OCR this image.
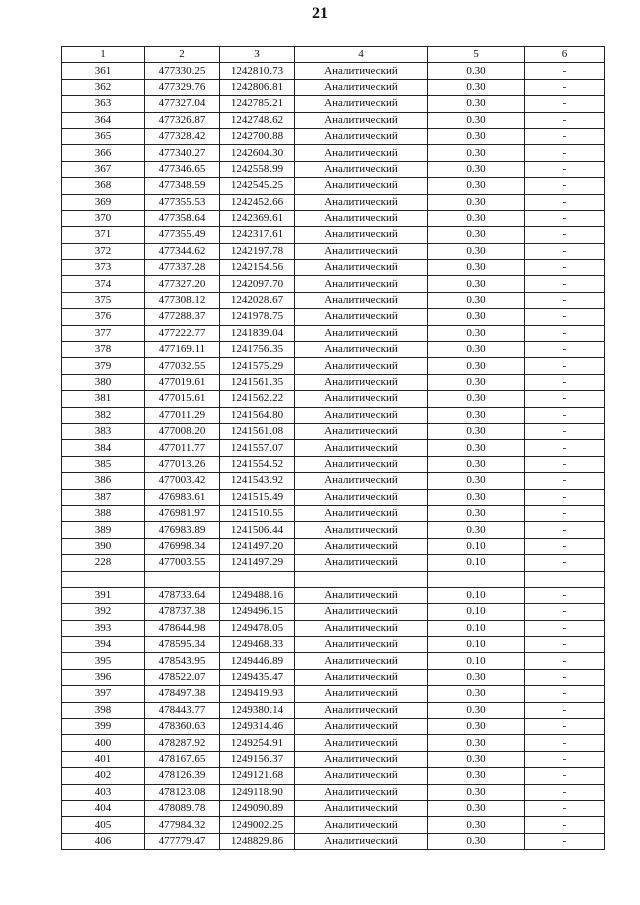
21
1	2	3	4	5	6
361	477330.25	1242810.73	Аналитический	0.30	-
362	477329.76	1242806.81	Аналитический	0.30	-
363	477327.04	1242785.21	Аналитический	0.30	-
364	477326.87	1242748.62	Аналитический	0.30	-
365	477328.42	1242700.88	Аналитический	0.30	-
366	477340.27	1242604.30	Аналитический	0.30	-
367	477346.65	1242558.99	Аналитический	0.30	-
368	477348.59	1242545.25	Аналитический	0.30	-
369	477355.53	1242452.66	Аналитический	0.30	-
370	477358.64	1242369.61	Аналитический	0.30	-
371	477355.49	1242317.61	Аналитический	0.30	-
372	477344.62	1242197.78	Аналитический	0.30	-
373	477337.28	1242154.56	Аналитический	0.30	-
374	477327.20	1242097.70	Аналитический	0.30	-
375	477308.12	1242028.67	Аналитический	0.30	-
376	477288.37	1241978.75	Аналитический	0.30	-
377	477222.77	1241839.04	Аналитический	0.30	-
378	477169.11	1241756.35	Аналитический	0.30	-
379	477032.55	1241575.29	Аналитический	0.30	-
380	477019.61	1241561.35	Аналитический	0.30	-
381	477015.61	1241562.22	Аналитический	0.30	-
382	477011.29	1241564.80	Аналитический	0.30	-
383	477008.20	1241561.08	Аналитический	0.30	-
384	477011.77	1241557.07	Аналитический	0.30	-
385	477013.26	1241554.52	Аналитический	0.30	-
386	477003.42	1241543.92	Аналитический	0.30	-
387	476983.61	1241515.49	Аналитический	0.30	-
388	476981.97	1241510.55	Аналитический	0.30	-
389	476983.89	1241506.44	Аналитический	0.30	-
390	476998.34	1241497.20	Аналитический	0.10	-
228	477003.55	1241497.29	Аналитический	0.10	-

391	478733.64	1249488.16	Аналитический	0.10	-
392	478737.38	1249496.15	Аналитический	0.10	-
393	478644.98	1249478.05	Аналитический	0.10	-
394	478595.34	1249468.33	Аналитический	0.10	-
395	478543.95	1249446.89	Аналитический	0.10	-
396	478522.07	1249435.47	Аналитический	0.30	-
397	478497.38	1249419.93	Аналитический	0.30	-
398	478443.77	1249380.14	Аналитический	0.30	-
399	478360.63	1249314.46	Аналитический	0.30	-
400	478287.92	1249254.91	Аналитический	0.30	-
401	478167.65	1249156.37	Аналитический	0.30	-
402	478126.39	1249121.68	Аналитический	0.30	-
403	478123.08	1249118.90	Аналитический	0.30	-
404	478089.78	1249090.89	Аналитический	0.30	-
405	477984.32	1249002.25	Аналитический	0.30	-
406	477779.47	1248829.86	Аналитический	0.30	-
